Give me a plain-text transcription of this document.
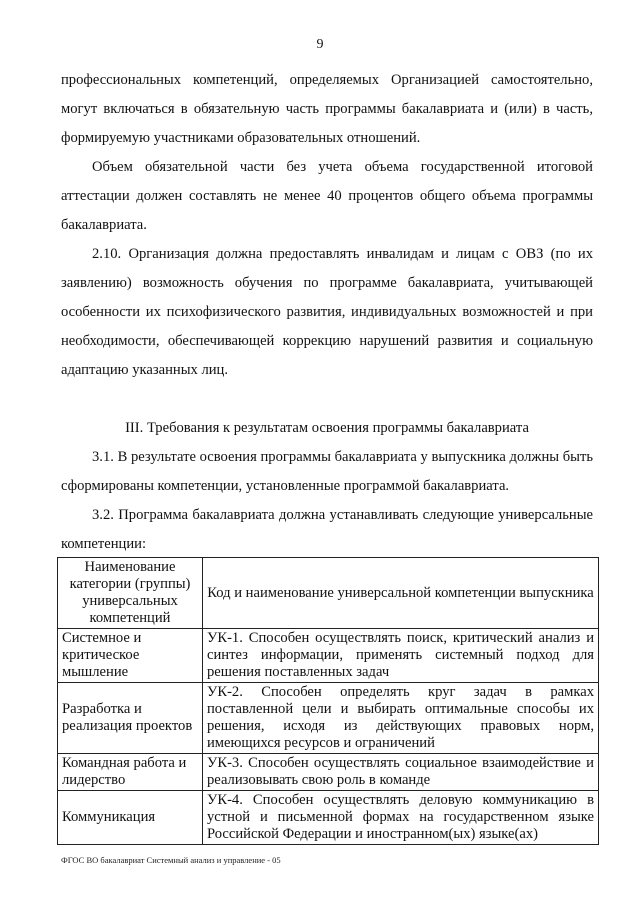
9

профессиональных компетенций, определяемых Организацией самостоятельно, могут включаться в обязательную часть программы бакалавриата и (или) в часть, формируемую участниками образовательных отношений.

Объем обязательной части без учета объема государственной итоговой аттестации должен составлять не менее 40 процентов общего объема программы бакалавриата.

2.10. Организация должна предоставлять инвалидам и лицам с ОВЗ (по их заявлению) возможность обучения по программе бакалавриата, учитывающей особенности их психофизического развития, индивидуальных возможностей и при необходимости, обеспечивающей коррекцию нарушений развития и социальную адаптацию указанных лиц.

III. Требования к результатам освоения программы бакалавриата

3.1. В результате освоения программы бакалавриата у выпускника должны быть сформированы компетенции, установленные программой бакалавриата.

3.2. Программа бакалавриата должна устанавливать следующие универсальные компетенции:

Наименование категории (группы) универсальных компетенций	Код и наименование универсальной компетенции выпускника
Системное и критическое мышление	УК-1. Способен осуществлять поиск, критический анализ и синтез информации, применять системный подход для решения поставленных задач
Разработка и реализация проектов	УК-2. Способен определять круг задач в рамках поставленной цели и выбирать оптимальные способы их решения, исходя из действующих правовых норм, имеющихся ресурсов и ограничений
Командная работа и лидерство	УК-3. Способен осуществлять социальное взаимодействие и реализовывать свою роль в команде
Коммуникация	УК-4. Способен осуществлять деловую коммуникацию в устной и письменной формах на государственном языке Российской Федерации и иностранном(ых) языке(ах)
ФГОС ВО бакалавриат Системный анализ и управление - 05
